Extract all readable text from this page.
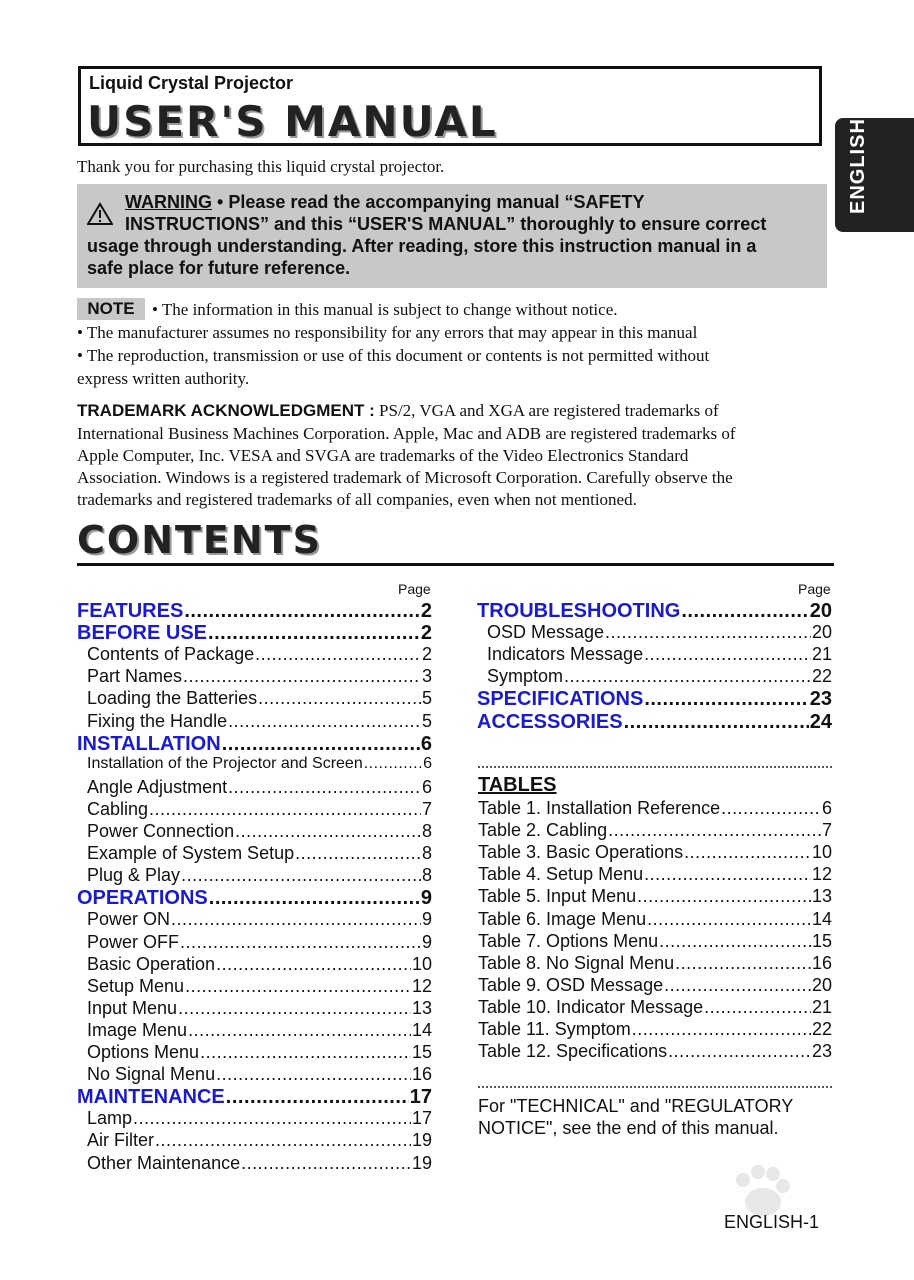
Liquid Crystal Projector
USER'S MANUAL	ENGLISH
Thank you for purchasing this liquid crystal projector.
WARNING • Please read the accompanying manual “SAFETY
INSTRUCTIONS” and this “USER'S MANUAL” thoroughly to ensure correct
usage through understanding. After reading, store this instruction manual in a
safe place for future reference.
NOTE	• The information in this manual is subject to change without notice.
• The manufacturer assumes no responsibility for any errors that may appear in this manual
• The reproduction, transmission or use of this document or contents is not permitted without
express written authority.
TRADEMARK ACKNOWLEDGMENT : PS/2, VGA and XGA are registered trademarks of
International Business Machines Corporation. Apple, Mac and ADB are registered trademarks of
Apple Computer, Inc. VESA and SVGA are trademarks of the Video Electronics Standard
Association. Windows is a registered trademark of Microsoft Corporation. Carefully observe the
trademarks and registered trademarks of all companies, even when not mentioned.
CONTENTS
Page	Page
FEATURES .....	2
BEFORE USE .....	2
Contents of Package .....	2
Part Names .....	3
Loading the Batteries .....	5
Fixing the Handle .....	5
INSTALLATION .....	6
Installation of the Projector and Screen .....	6
Angle Adjustment .....	6
Cabling .....	7
Power Connection .....	8
Example of System Setup .....	8
Plug & Play .....	8
OPERATIONS .....	9
Power ON .....	9
Power OFF .....	9
Basic Operation .....	10
Setup Menu .....	12
Input Menu .....	13
Image Menu .....	14
Options Menu .....	15
No Signal Menu .....	16
MAINTENANCE .....	17
Lamp .....	17
Air Filter .....	19
Other Maintenance .....	19
TROUBLESHOOTING .....	20
OSD Message .....	20
Indicators Message .....	21
Symptom .....	22
SPECIFICATIONS .....	23
ACCESSORIES .....	24
TABLES
Table 1. Installation Reference .....	6
Table 2. Cabling .....	7
Table 3. Basic Operations .....	10
Table 4. Setup Menu .....	12
Table 5. Input Menu .....	13
Table 6. Image Menu .....	14
Table 7. Options Menu .....	15
Table 8. No Signal Menu .....	16
Table 9. OSD Message .....	20
Table 10. Indicator Message .....	21
Table 11. Symptom .....	22
Table 12. Specifications .....	23
For "TECHNICAL" and "REGULATORY
NOTICE", see the end of this manual.
ENGLISH-1
